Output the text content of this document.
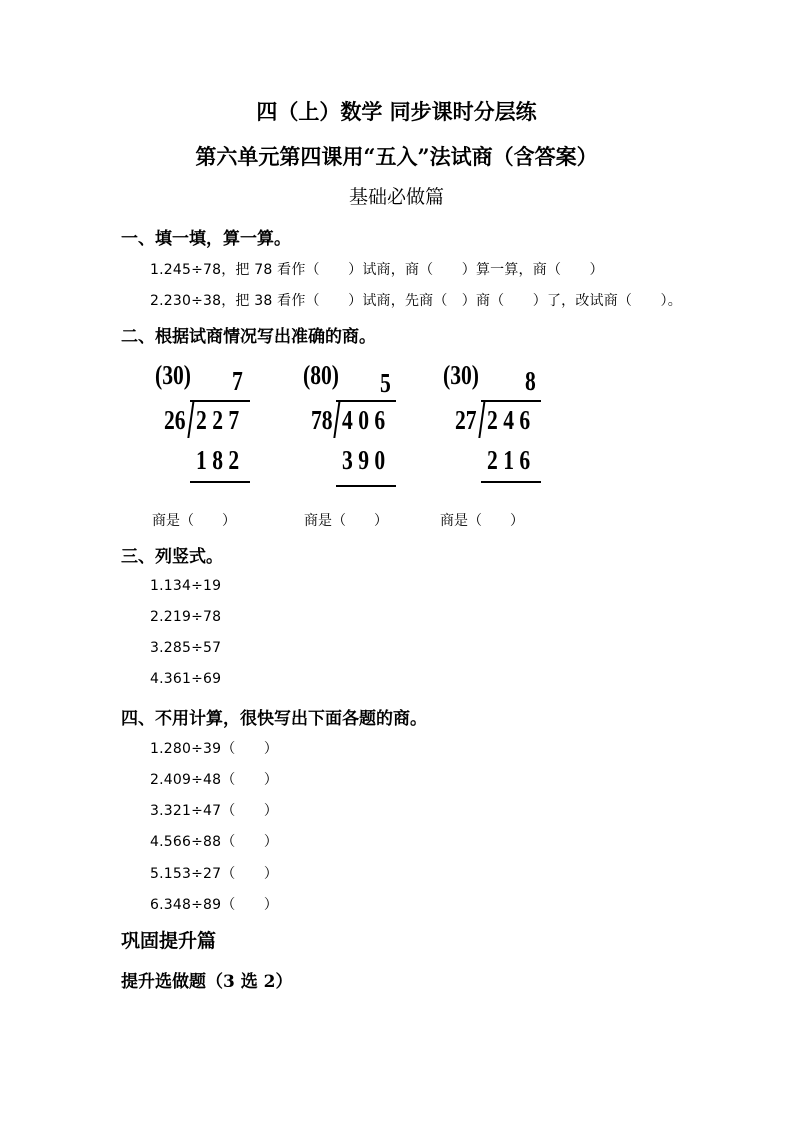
四（上）数学 同步课时分层练
第六单元第四课用“五入”法试商（含答案）
基础必做篇
一、填一填，算一算。
1.245÷78，把 78 看作（　　）试商，商（　　）算一算，商（　　）
2.230÷38，把 38 看作（　　）试商，先商（　）商（　　）了，改试商（　　）。
二、根据试商情况写出准确的商。
(30) 7
26 2 2 7
1 8 2
(80) 5
78 4 0 6
3 9 0
(30) 8
27 2 4 6
2 1 6
商是（　　）	商是（　　）	商是（　　）
三、列竖式。
1.134÷19
2.219÷78
3.285÷57
4.361÷69
四、不用计算，很快写出下面各题的商。
1.280÷39（　　）
2.409÷48（　　）
3.321÷47（　　）
4.566÷88（　　）
5.153÷27（　　）
6.348÷89（　　）
巩固提升篇
提升选做题（3 选 2）
